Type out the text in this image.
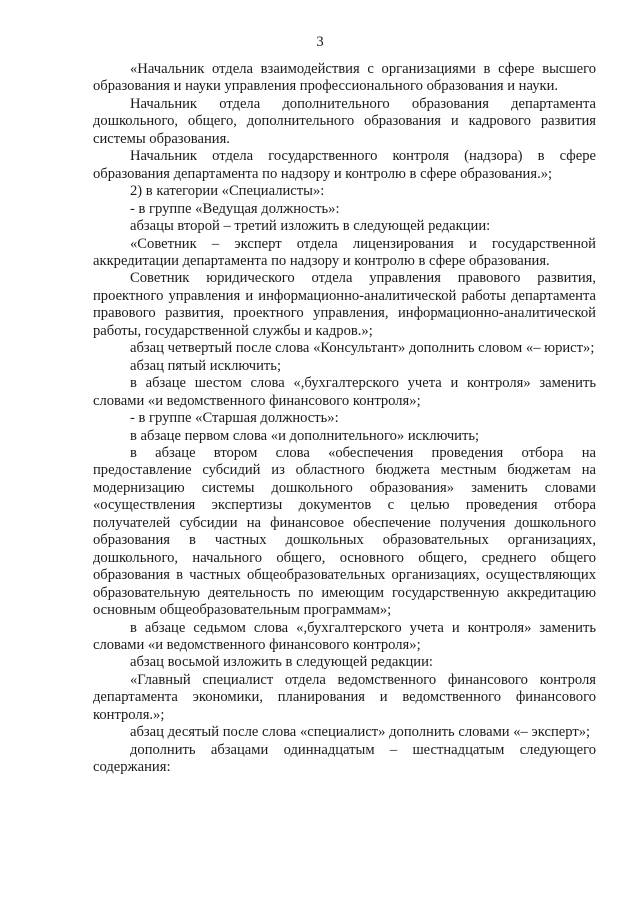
3

«Начальник отдела взаимодействия с организациями в сфере высшего образования и науки управления профессионального образования и науки.

Начальник отдела дополнительного образования департамента дошкольного, общего, дополнительного образования и кадрового развития системы образования.

Начальник отдела государственного контроля (надзора) в сфере образования департамента по надзору и контролю в сфере образования.»;

2) в категории «Специалисты»:

- в группе «Ведущая должность»:

абзацы второй – третий изложить в следующей редакции:

«Советник – эксперт отдела лицензирования и государственной аккредитации департамента по надзору и контролю в сфере образования.

Советник юридического отдела управления правового развития, проектного управления и информационно-аналитической работы департамента правового развития, проектного управления, информационно-аналитической работы, государственной службы и кадров.»;

абзац четвертый после слова «Консультант» дополнить словом «– юрист»;

абзац пятый исключить;

в абзаце шестом слова «,бухгалтерского учета и контроля» заменить словами «и ведомственного финансового контроля»;

- в группе «Старшая должность»:

в абзаце первом слова «и дополнительного» исключить;

в абзаце втором слова «обеспечения проведения отбора на предоставление субсидий из областного бюджета местным бюджетам на модернизацию системы дошкольного образования» заменить словами «осуществления экспертизы документов с целью проведения отбора получателей субсидии на финансовое обеспечение получения дошкольного образования в частных дошкольных образовательных организациях, дошкольного, начального общего, основного общего, среднего общего образования в частных общеобразовательных организациях, осуществляющих образовательную деятельность по имеющим государственную аккредитацию основным общеобразовательным программам»;

в абзаце седьмом слова «,бухгалтерского учета и контроля» заменить словами «и ведомственного финансового контроля»;

абзац восьмой изложить в следующей редакции:

«Главный специалист отдела ведомственного финансового контроля департамента экономики, планирования и ведомственного финансового контроля.»;

абзац десятый после слова «специалист» дополнить словами «– эксперт»;

дополнить абзацами одиннадцатым – шестнадцатым следующего содержания:
